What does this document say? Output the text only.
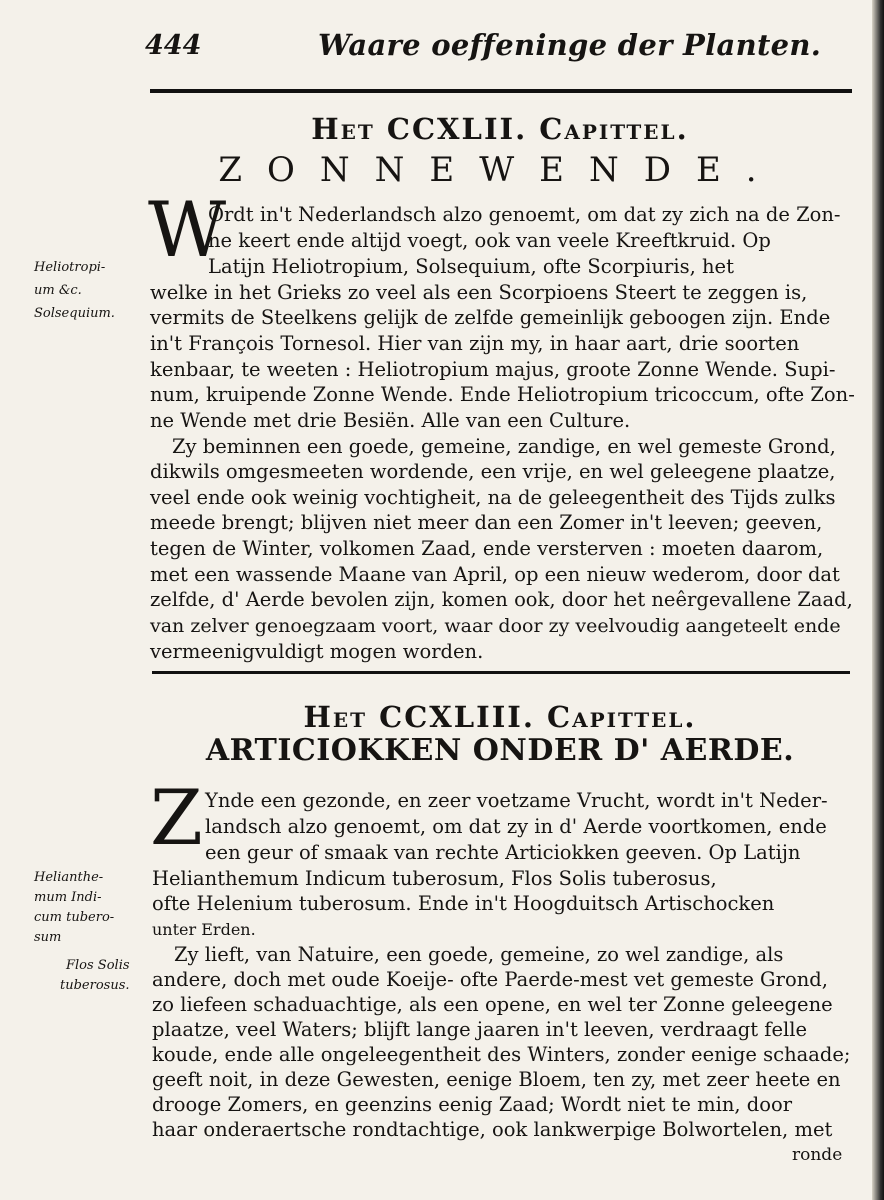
444	Waare oeffeninge der Planten.
Het CCXLII. Capittel.
ZONNEWENDE.
W
Ordt in't Nederlandsch alzo genoemt, om dat zy zich na de Zon-
ne keert ende altijd voegt, ook van veele Kreeftkruid. Op
Latijn Heliotropium, Solsequium, ofte Scorpiuris, het
welke in het Grieks zo veel als een Scorpioens Steert te zeggen is,
vermits de Steelkens gelijk de zelfde gemeinlijk geboogen zijn. Ende
in't François Tornesol. Hier van zijn my, in haar aart, drie soorten
kenbaar, te weeten : Heliotropium majus, groote Zonne Wende. Supi-
num, kruipende Zonne Wende. Ende Heliotropium tricoccum, ofte Zon-
ne Wende met drie Besiën. Alle van een Culture.
Zy beminnen een goede, gemeine, zandige, en wel gemeste Grond,
dikwils omgesmeeten wordende, een vrije, en wel geleegene plaatze,
veel ende ook weinig vochtigheit, na de geleegentheit des Tijds zulks
meede brengt; blijven niet meer dan een Zomer in't leeven; geeven,
tegen de Winter, volkomen Zaad, ende versterven : moeten daarom,
met een wassende Maane van April, op een nieuw wederom, door dat
zelfde, d' Aerde bevolen zijn, komen ook, door het neêrgevallene Zaad,
van zelver genoegzaam voort, waar door zy veelvoudig aangeteelt ende
vermeenigvuldigt mogen worden.
Heliotropi-
um &c.
Solsequium.
Het CCXLIII. Capittel.
ARTICIOKKEN ONDER D' AERDE.
Z Ynde een gezonde, en zeer voetzame Vrucht, wordt in't Neder-
landsch alzo genoemt, om dat zy in d' Aerde voortkomen, ende
een geur of smaak van rechte Articiokken geeven. Op Latijn
Helianthemum Indicum tuberosum, Flos Solis tuberosus,
ofte Helenium tuberosum. Ende in't Hoogduitsch Artischocken
unter Erden.
Zy lieft, van Natuire, een goede, gemeine, zo wel zandige, als
andere, doch met oude Koeije- ofte Paerde-mest vet gemeste Grond,
zo liefeen schaduachtige, als een opene, en wel ter Zonne geleegene
plaatze, veel Waters; blijft lange jaaren in't leeven, verdraagt felle
koude, ende alle ongeleegentheit des Winters, zonder eenige schaade;
geeft noit, in deze Gewesten, eenige Bloem, ten zy, met zeer heete en
drooge Zomers, en geenzins eenig Zaad; Wordt niet te min, door
haar onderaertsche rondtachtige, ook lankwerpige Bolwortelen, met
ronde
Helianthe-
mum Indi-
cum tubero-
sum
Flos Solis
tuberosus.
